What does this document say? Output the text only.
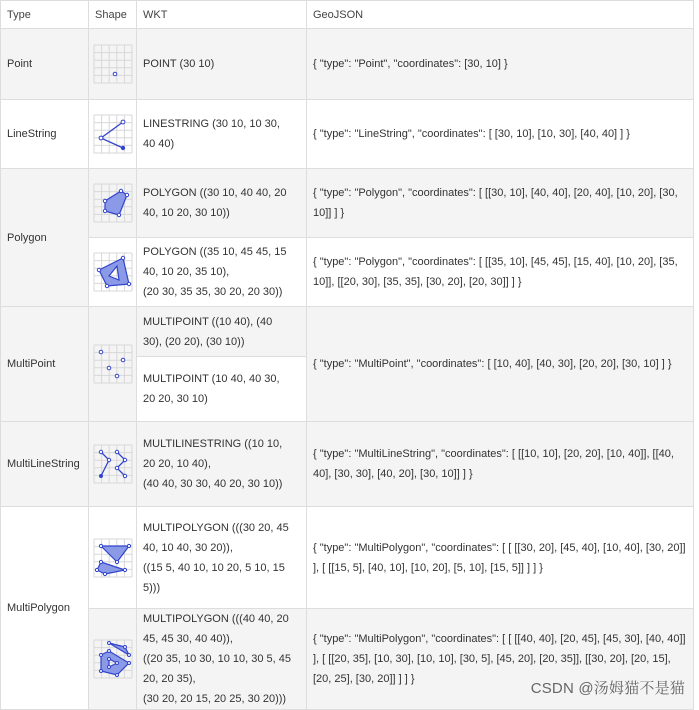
Type	Shape	WKT	GeoJSON
Point		POINT (30 10)	{ "type": "Point", "coordinates": [30, 10] }
LineString		LINESTRING (30 10, 10 30,
40 40)	{ "type": "LineString", "coordinates": [ [30, 10], [10, 30], [40, 40] ] }
Polygon		POLYGON ((30 10, 40 40, 20
40, 10 20, 30 10))	{ "type": "Polygon", "coordinates": [ [[30, 10], [40, 40], [20, 40], [10, 20], [30, 10]] ] }

POLYGON ((35 10, 45 45, 15
40, 10 20, 35 10),
(20 30, 35 35, 30 20, 20 30))	{ "type": "Polygon", "coordinates": [ [[35, 10], [45, 45], [15, 40], [10, 20], [35, 10]], [[20, 30], [35, 35], [30, 20], [20, 30]] ] }
MultiPoint		MULTIPOINT ((10 40), (40
30), (20 20), (30 10))	{ "type": "MultiPoint", "coordinates": [ [10, 40], [40, 30], [20, 20], [30, 10] ] }

		MULTIPOINT (10 40, 40 30,
20 20, 30 10)	

MultiLineString		MULTILINESTRING ((10 10,
20 20, 10 40),
(40 40, 30 30, 40 20, 30 10))	{ "type": "MultiLineString", "coordinates": [ [[10, 10], [20, 20], [10, 40]], [[40, 40], [30, 30], [40, 20], [30, 10]] ] }
MultiPolygon		MULTIPOLYGON (((30 20, 45
40, 10 40, 30 20)),
((15 5, 40 10, 10 20, 5 10, 15
5)))	{ "type": "MultiPolygon", "coordinates": [ [ [[30, 20], [45, 40], [10, 40], [30, 20]] ], [ [[15, 5], [40, 10], [10, 20], [5, 10], [15, 5]] ] ] }

MULTIPOLYGON (((40 40, 20
45, 45 30, 40 40)),
((20 35, 10 30, 10 10, 30 5, 45
20, 20 35),
(30 20, 20 15, 20 25, 30 20)))	{ "type": "MultiPolygon", "coordinates": [ [ [[40, 40], [20, 45], [45, 30], [40, 40]] ], [ [[20, 35], [10, 30], [10, 10], [30, 5], [45, 20], [20, 35]], [[30, 20], [20, 15], [20, 25], [30, 20]] ] ] }
CSDN @汤姆猫不是猫
